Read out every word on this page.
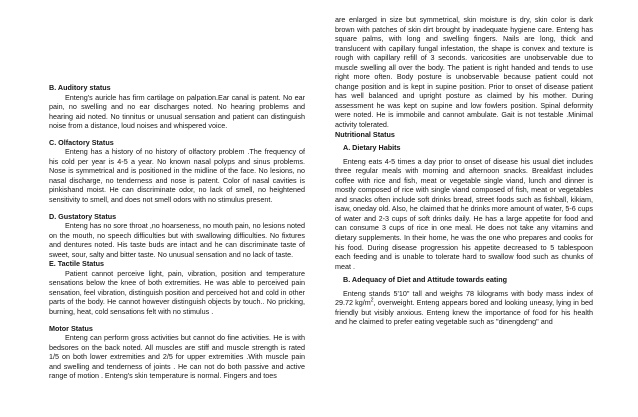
B. Auditory status

Enteng's auricle has firm cartilage on palpation.Ear canal is patent. No ear pain, no swelling and no ear discharges noted. No hearing problems and hearing aid noted. No tinnitus or unusual sensation and patient can distinguish noise from a distance, loud noises and whispered voice.

C. Olfactory Status

Enteng has a history of no history of olfactory problem .The frequency of his cold per year is 4-5 a year. No known nasal polyps and sinus problems. Nose is symmetrical and is positioned in the midline of the face. No lesions, no nasal discharge, no tenderness and nose is patent. Color of nasal cavities is pinkishand moist. He can discriminate odor, no lack of smell, no heightened sensitivity to smell, and does not smell odors with no stimulus present.

D. Gustatory Status

Enteng has no sore throat ,no hoarseness, no mouth pain, no lesions noted on the mouth, no speech difficulties but with swallowing difficulties. No fixtures and dentures noted. His taste buds are intact and he can discriminate taste of sweet, sour, salty and bitter taste. No unusual sensation and no lack of taste.

E. Tactile Status

Patient cannot perceive light, pain, vibration, position and temperature sensations below the knee of both extremities. He was able to perceived pain sensation, feel vibration, distinguish position and perceived hot and cold in other parts of the body. He cannot however distinguish objects by touch.. No pricking, burning, heat, cold sensations felt with no stimulus .

Motor Status

Enteng can perform gross activities but cannot do fine activities. He is with bedsores on the back noted. All muscles are stiff and muscle strength is rated 1/5 on both lower extremities and 2/5 for upper extremities .With muscle pain and swelling and tenderness of joints . He can not do both passive and active range of motion . Enteng's skin temperature is normal. Fingers and toes

are enlarged in size but symmetrical, skin moisture is dry, skin color is dark brown with patches of skin dirt brought by inadequate hygiene care. Enteng has square palms, with long and swelling fingers. Nails are long, thick and translucent with capillary fungal infestation, the shape is convex and texture is rough with capillary refill of 3 seconds. varicosities are unobservable due to muscle swelling all over the body. The patient is right handed and tends to use right more often. Body posture is unobservable because patient could not change position and is kept in supine position. Prior to onset of disease patient has well balanced and upright posture as claimed by his mother. During assessment he was kept on supine and low fowlers position. Spinal deformity were noted. He is immobile and cannot ambulate. Gait is not testable .Minimal activity tolerated.
Nutritional Status
A. Dietary Habits

Enteng eats 4-5 times a day prior to onset of disease his usual diet includes three regular meals with morning and afternoon snacks. Breakfast includes coffee with rice and fish, meat or vegetable single viand, lunch and dinner is mostly composed of rice with single viand composed of fish, meat or vegetables and snacks often include soft drinks bread, street foods such as fishball, kikiam, isaw, oneday old. Also, he claimed that he drinks more amount of water, 5-6 cups of water and 2-3 cups of soft drinks daily. He has a large appetite for food and can consume 3 cups of rice in one meal. He does not take any vitamins and dietary supplements. In their home, he was the one who prepares and cooks for his food. During disease progression his appetite decreased to 5 tablespoon each feeding and is unable to tolerate hard to swallow food such as chunks of meat .

B. Adequacy of Diet and Attitude towards eating

Enteng stands 5'10" tall and weighs 78 kilograms with body mass index of 29.72 $kg/m^2$, overweight. Enteng appears bored and looking uneasy, lying in bed friendly but visibly anxious. Enteng knew the importance of food for his health and he claimed to prefer eating vegetable such as "dinengdeng" and
